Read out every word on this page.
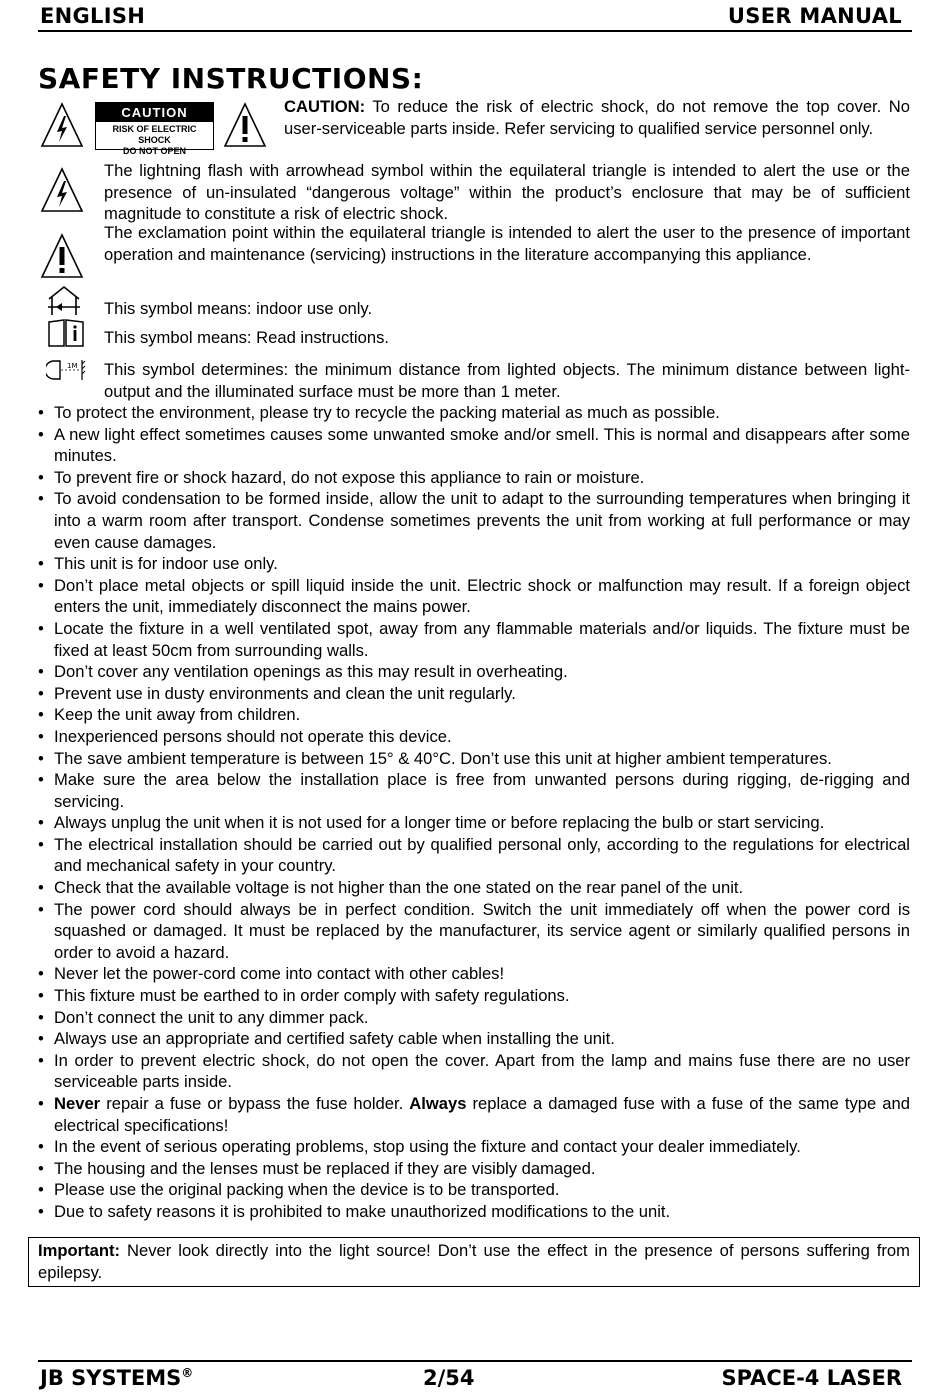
ENGLISH	USER MANUAL
SAFETY INSTRUCTIONS:
CAUTION
RISK OF ELECTRIC SHOCK
DO NOT OPEN
CAUTION: To reduce the risk of electric shock, do not remove the top cover. No user-serviceable parts inside. Refer servicing to qualified service personnel only.
The lightning flash with arrowhead symbol within the equilateral triangle is intended to alert the use or the presence of un-insulated “dangerous voltage” within the product’s enclosure that may be of sufficient magnitude to constitute a risk of electric shock.
The exclamation point within the equilateral triangle is intended to alert the user to the presence of important operation and maintenance (servicing) instructions in the literature accompanying this appliance.
This symbol means: indoor use only.
This symbol means: Read instructions.
1M This symbol determines: the minimum distance from lighted objects. The minimum distance between light-output and the illuminated surface must be more than 1 meter.
• To protect the environment, please try to recycle the packing material as much as possible.
• A new light effect sometimes causes some unwanted smoke and/or smell. This is normal and disappears after some minutes.
• To prevent fire or shock hazard, do not expose this appliance to rain or moisture.
• To avoid condensation to be formed inside, allow the unit to adapt to the surrounding temperatures when bringing it into a warm room after transport. Condense sometimes prevents the unit from working at full performance or may even cause damages.
• This unit is for indoor use only.
• Don’t place metal objects or spill liquid inside the unit. Electric shock or malfunction may result. If a foreign object enters the unit, immediately disconnect the mains power.
• Locate the fixture in a well ventilated spot, away from any flammable materials and/or liquids. The fixture must be fixed at least 50cm from surrounding walls.
• Don’t cover any ventilation openings as this may result in overheating.
• Prevent use in dusty environments and clean the unit regularly.
• Keep the unit away from children.
• Inexperienced persons should not operate this device.
• The save ambient temperature is between 15° & 40°C. Don’t use this unit at higher ambient temperatures.
• Make sure the area below the installation place is free from unwanted persons during rigging, de-rigging and servicing.
• Always unplug the unit when it is not used for a longer time or before replacing the bulb or start servicing.
• The electrical installation should be carried out by qualified personal only, according to the regulations for electrical and mechanical safety in your country.
• Check that the available voltage is not higher than the one stated on the rear panel of the unit.
• The power cord should always be in perfect condition. Switch the unit immediately off when the power cord is squashed or damaged. It must be replaced by the manufacturer, its service agent or similarly qualified persons in order to avoid a hazard.
• Never let the power-cord come into contact with other cables!
• This fixture must be earthed to in order comply with safety regulations.
• Don’t connect the unit to any dimmer pack.
• Always use an appropriate and certified safety cable when installing the unit.
• In order to prevent electric shock, do not open the cover. Apart from the lamp and mains fuse there are no user serviceable parts inside.
• Never repair a fuse or bypass the fuse holder. Always replace a damaged fuse with a fuse of the same type and electrical specifications!
• In the event of serious operating problems, stop using the fixture and contact your dealer immediately.
• The housing and the lenses must be replaced if they are visibly damaged.
• Please use the original packing when the device is to be transported.
• Due to safety reasons it is prohibited to make unauthorized modifications to the unit.
Important: Never look directly into the light source! Don’t use the effect in the presence of persons suffering from epilepsy.
JB SYSTEMS®	2/54	SPACE-4 LASER
